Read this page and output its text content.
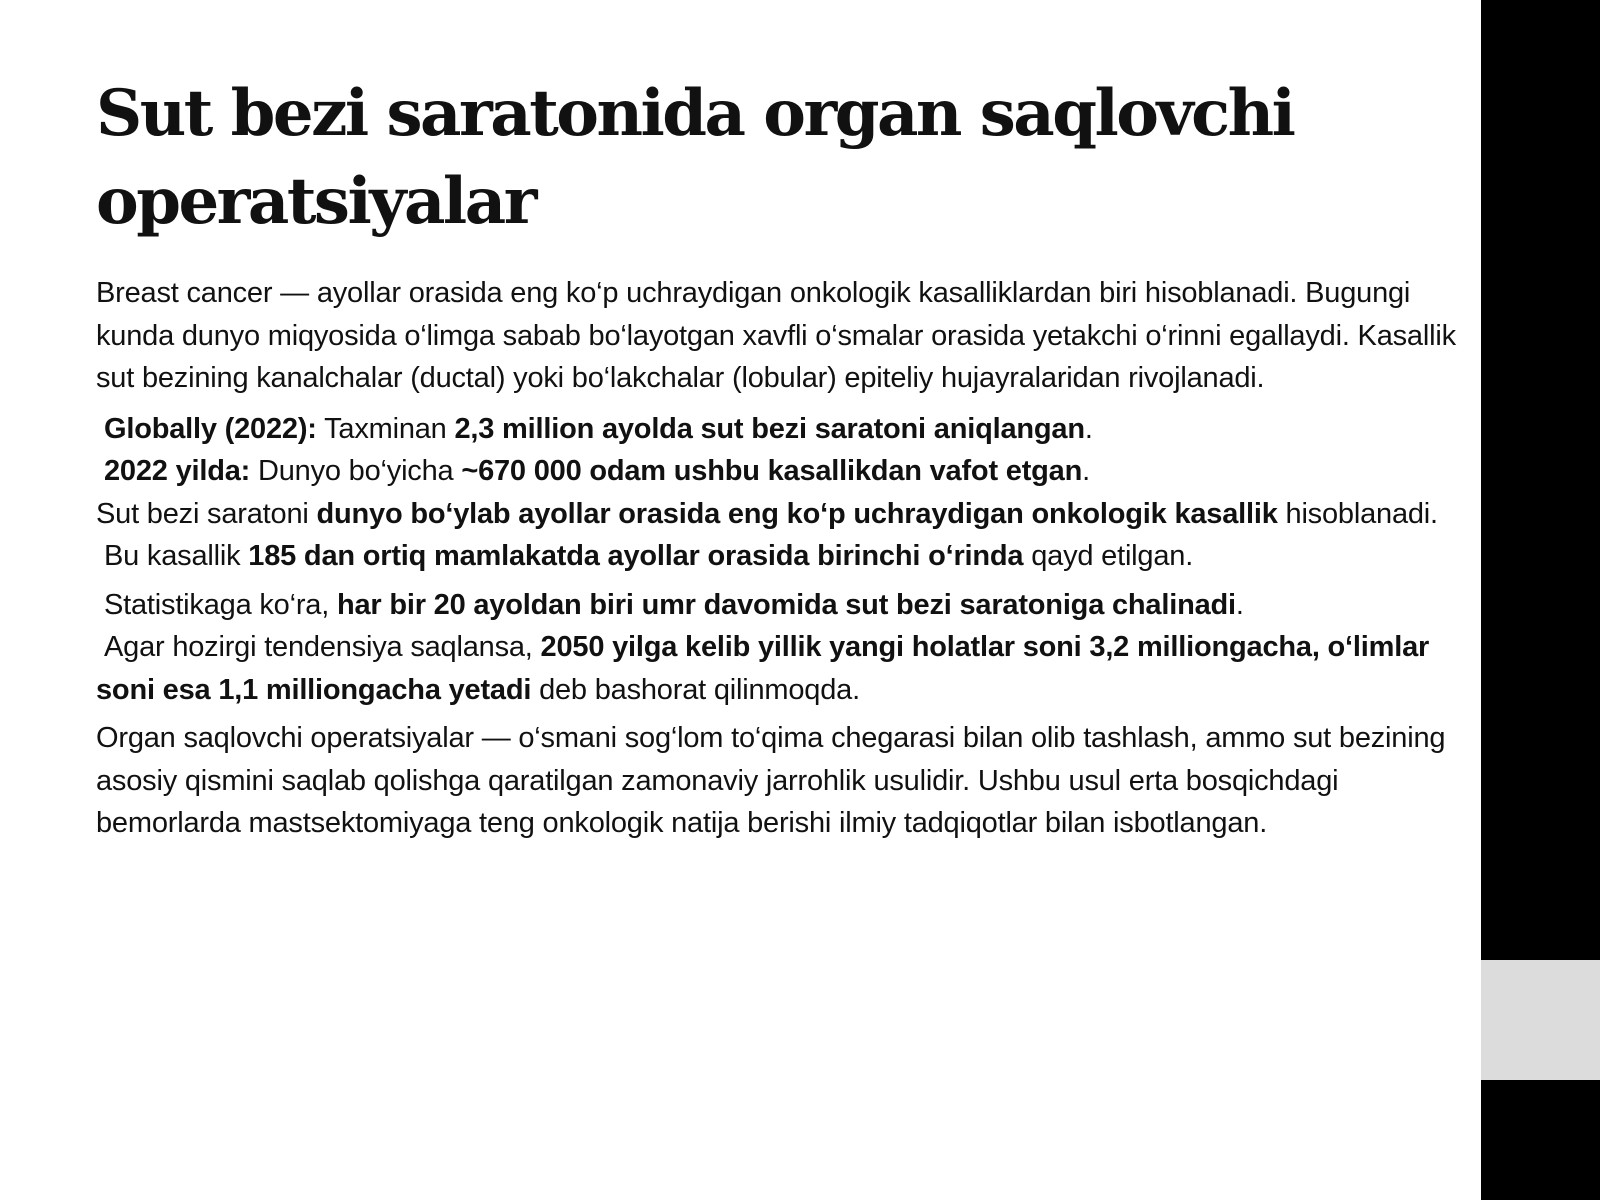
Sut bezi saratonida organ saqlovchi operatsiyalar

Breast cancer — ayollar orasida eng ko‘p uchraydigan onkologik kasalliklardan biri hisoblanadi. Bugungi kunda dunyo miqyosida o‘limga sabab bo‘layotgan xavfli o‘smalar orasida yetakchi o‘rinni egallaydi. Kasallik sut bezining kanalchalar (ductal) yoki bo‘lakchalar (lobular) epiteliy hujayralaridan rivojlanadi.

Globally (2022): Taxminan 2,3 million ayolda sut bezi saratoni aniqlangan.

2022 yilda: Dunyo bo‘yicha ~670 000 odam ushbu kasallikdan vafot etgan.

Sut bezi saratoni dunyo bo‘ylab ayollar orasida eng ko‘p uchraydigan onkologik kasallik hisoblanadi.

Bu kasallik 185 dan ortiq mamlakatda ayollar orasida birinchi o‘rinda qayd etilgan.

Statistikaga ko‘ra, har bir 20 ayoldan biri umr davomida sut bezi saratoniga chalinadi.

Agar hozirgi tendensiya saqlansa, 2050 yilga kelib yillik yangi holatlar soni 3,2 milliongacha, o‘limlar soni esa 1,1 milliongacha yetadi deb bashorat qilinmoqda.

Organ saqlovchi operatsiyalar — o‘smani sog‘lom to‘qima chegarasi bilan olib tashlash, ammo sut bezining asosiy qismini saqlab qolishga qaratilgan zamonaviy jarrohlik usulidir. Ushbu usul erta bosqichdagi bemorlarda mastsektomiyaga teng onkologik natija berishi ilmiy tadqiqotlar bilan isbotlangan.
